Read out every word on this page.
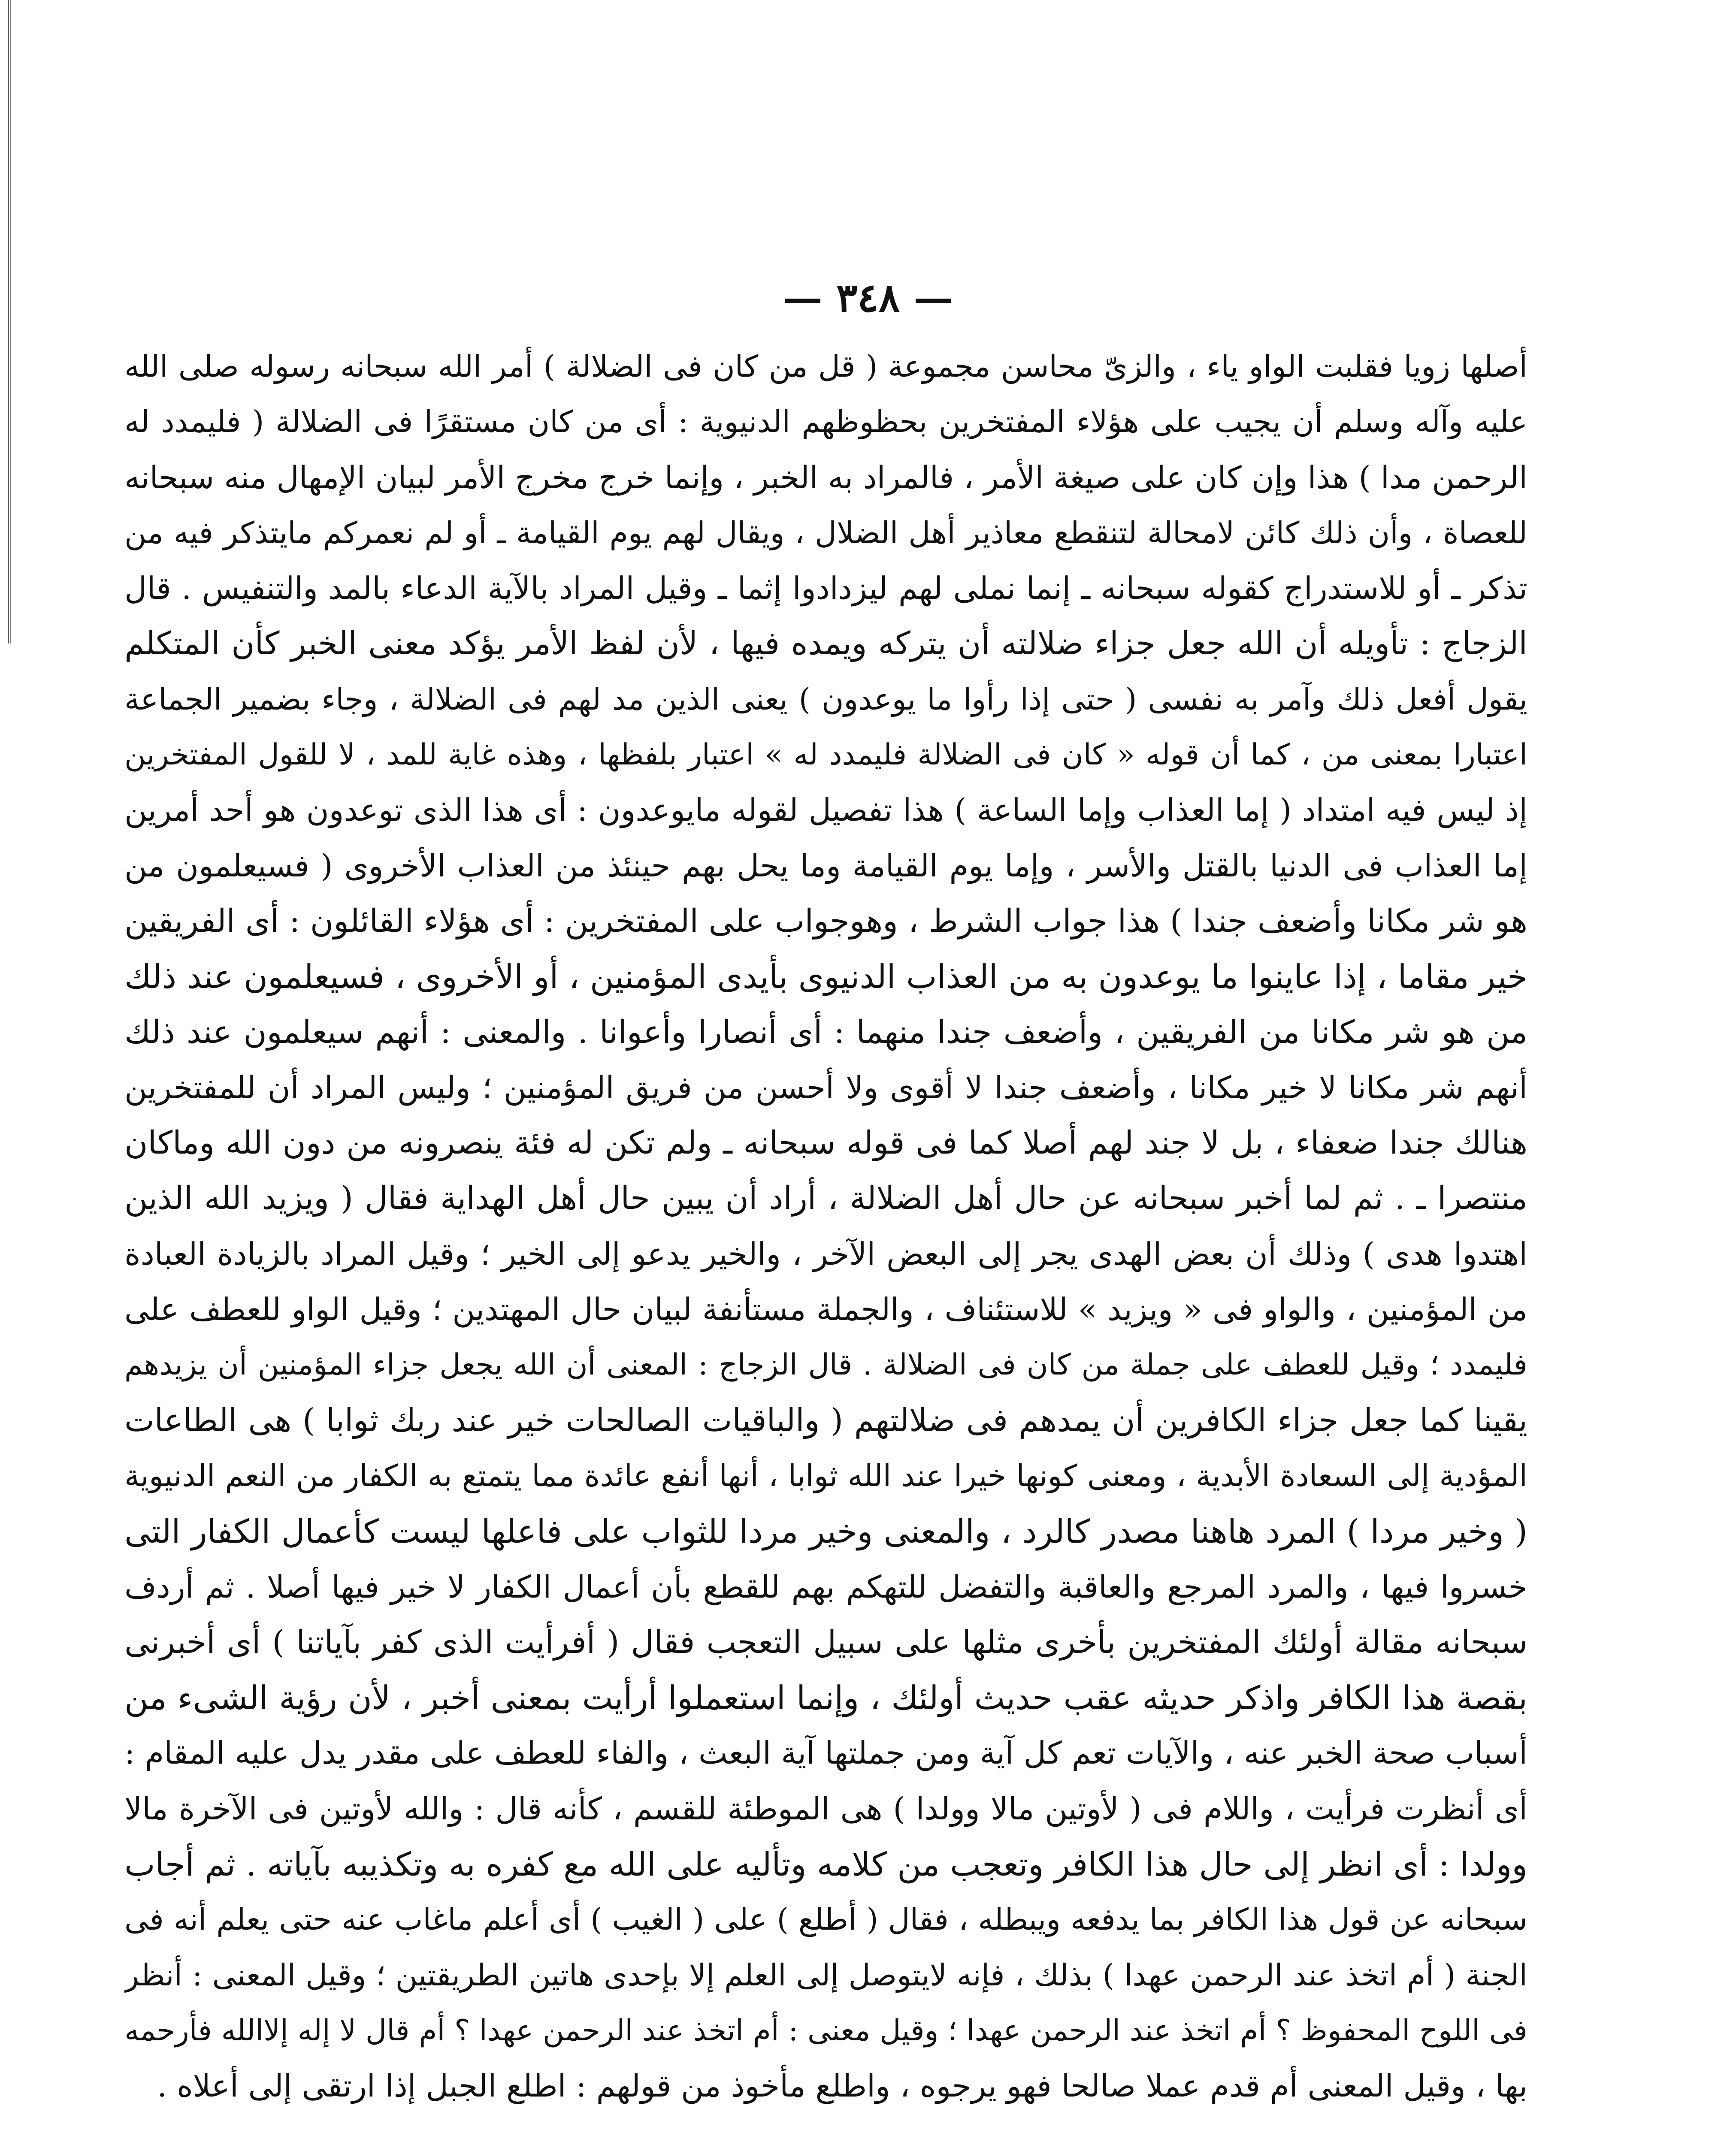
— ٣٤٨ —
أصلها زويا فقلبت الواو ياء ، والزىّ محاسن مجموعة ( قل من كان فى الضلالة ) أمر الله سبحانه رسوله صلى الله
عليه وآله وسلم أن يجيب على هؤلاء المفتخرين بحظوظهم الدنيوية : أى من كان مستقرًا فى الضلالة ( فليمدد له
الرحمن مدا ) هذا وإن كان على صيغة الأمر ، فالمراد به الخبر ، وإنما خرج مخرج الأمر لبيان الإمهال منه سبحانه
للعصاة ، وأن ذلك كائن لامحالة لتنقطع معاذير أهل الضلال ، ويقال لهم يوم القيامة ـ أو لم نعمركم مايتذكر فيه من
تذكر ـ أو للاستدراج كقوله سبحانه ـ إنما نملى لهم ليزدادوا إثما ـ وقيل المراد بالآية الدعاء بالمد والتنفيس . قال
الزجاج : تأويله أن الله جعل جزاء ضلالته أن يتركه ويمده فيها ، لأن لفظ الأمر يؤكد معنى الخبر كأن المتكلم
يقول أفعل ذلك وآمر به نفسى ( حتى إذا رأوا ما يوعدون ) يعنى الذين مد لهم فى الضلالة ، وجاء بضمير الجماعة
اعتبارا بمعنى من ، كما أن قوله « كان فى الضلالة فليمدد له » اعتبار بلفظها ، وهذه غاية للمد ، لا للقول المفتخرين
إذ ليس فيه امتداد ( إما العذاب وإما الساعة ) هذا تفصيل لقوله مايوعدون : أى هذا الذى توعدون هو أحد أمرين
إما العذاب فى الدنيا بالقتل والأسر ، وإما يوم القيامة وما يحل بهم حينئذ من العذاب الأخروى ( فسيعلمون من
هو شر مكانا وأضعف جندا ) هذا جواب الشرط ، وهوجواب على المفتخرين : أى هؤلاء القائلون : أى الفريقين
خير مقاما ، إذا عاينوا ما يوعدون به من العذاب الدنيوى بأيدى المؤمنين ، أو الأخروى ، فسيعلمون عند ذلك
من هو شر مكانا من الفريقين ، وأضعف جندا منهما : أى أنصارا وأعوانا . والمعنى : أنهم سيعلمون عند ذلك
أنهم شر مكانا لا خير مكانا ، وأضعف جندا لا أقوى ولا أحسن من فريق المؤمنين ؛ وليس المراد أن للمفتخرين
هنالك جندا ضعفاء ، بل لا جند لهم أصلا كما فى قوله سبحانه ـ ولم تكن له فئة ينصرونه من دون الله وماكان
منتصرا ـ . ثم لما أخبر سبحانه عن حال أهل الضلالة ، أراد أن يبين حال أهل الهداية فقال ( ويزيد الله الذين
اهتدوا هدى ) وذلك أن بعض الهدى يجر إلى البعض الآخر ، والخير يدعو إلى الخير ؛ وقيل المراد بالزيادة العبادة
من المؤمنين ، والواو فى « ويزيد » للاستئناف ، والجملة مستأنفة لبيان حال المهتدين ؛ وقيل الواو للعطف على
فليمدد ؛ وقيل للعطف على جملة من كان فى الضلالة . قال الزجاج : المعنى أن الله يجعل جزاء المؤمنين أن يزيدهم
يقينا كما جعل جزاء الكافرين أن يمدهم فى ضلالتهم ( والباقيات الصالحات خير عند ربك ثوابا ) هى الطاعات
المؤدية إلى السعادة الأبدية ، ومعنى كونها خيرا عند الله ثوابا ، أنها أنفع عائدة مما يتمتع به الكفار من النعم الدنيوية
( وخير مردا ) المرد هاهنا مصدر كالرد ، والمعنى وخير مردا للثواب على فاعلها ليست كأعمال الكفار التى
خسروا فيها ، والمرد المرجع والعاقبة والتفضل للتهكم بهم للقطع بأن أعمال الكفار لا خير فيها أصلا . ثم أردف
سبحانه مقالة أولئك المفتخرين بأخرى مثلها على سبيل التعجب فقال ( أفرأيت الذى كفر بآياتنا ) أى أخبرنى
بقصة هذا الكافر واذكر حديثه عقب حديث أولئك ، وإنما استعملوا أرأيت بمعنى أخبر ، لأن رؤية الشىء من
أسباب صحة الخبر عنه ، والآيات تعم كل آية ومن جملتها آية البعث ، والفاء للعطف على مقدر يدل عليه المقام :
أى أنظرت فرأيت ، واللام فى ( لأوتين مالا وولدا ) هى الموطئة للقسم ، كأنه قال : والله لأوتين فى الآخرة مالا
وولدا : أى انظر إلى حال هذا الكافر وتعجب من كلامه وتأليه على الله مع كفره به وتكذيبه بآياته . ثم أجاب
سبحانه عن قول هذا الكافر بما يدفعه ويبطله ، فقال ( أطلع ) على ( الغيب ) أى أعلم ماغاب عنه حتى يعلم أنه فى
الجنة ( أم اتخذ عند الرحمن عهدا ) بذلك ، فإنه لايتوصل إلى العلم إلا بإحدى هاتين الطريقتين ؛ وقيل المعنى : أنظر
فى اللوح المحفوظ ؟ أم اتخذ عند الرحمن عهدا ؛ وقيل معنى : أم اتخذ عند الرحمن عهدا ؟ أم قال لا إله إلاالله فأرحمه
بها ، وقيل المعنى أم قدم عملا صالحا فهو يرجوه ، واطلع مأخوذ من قولهم : اطلع الجبل إذا ارتقى إلى أعلاه .
